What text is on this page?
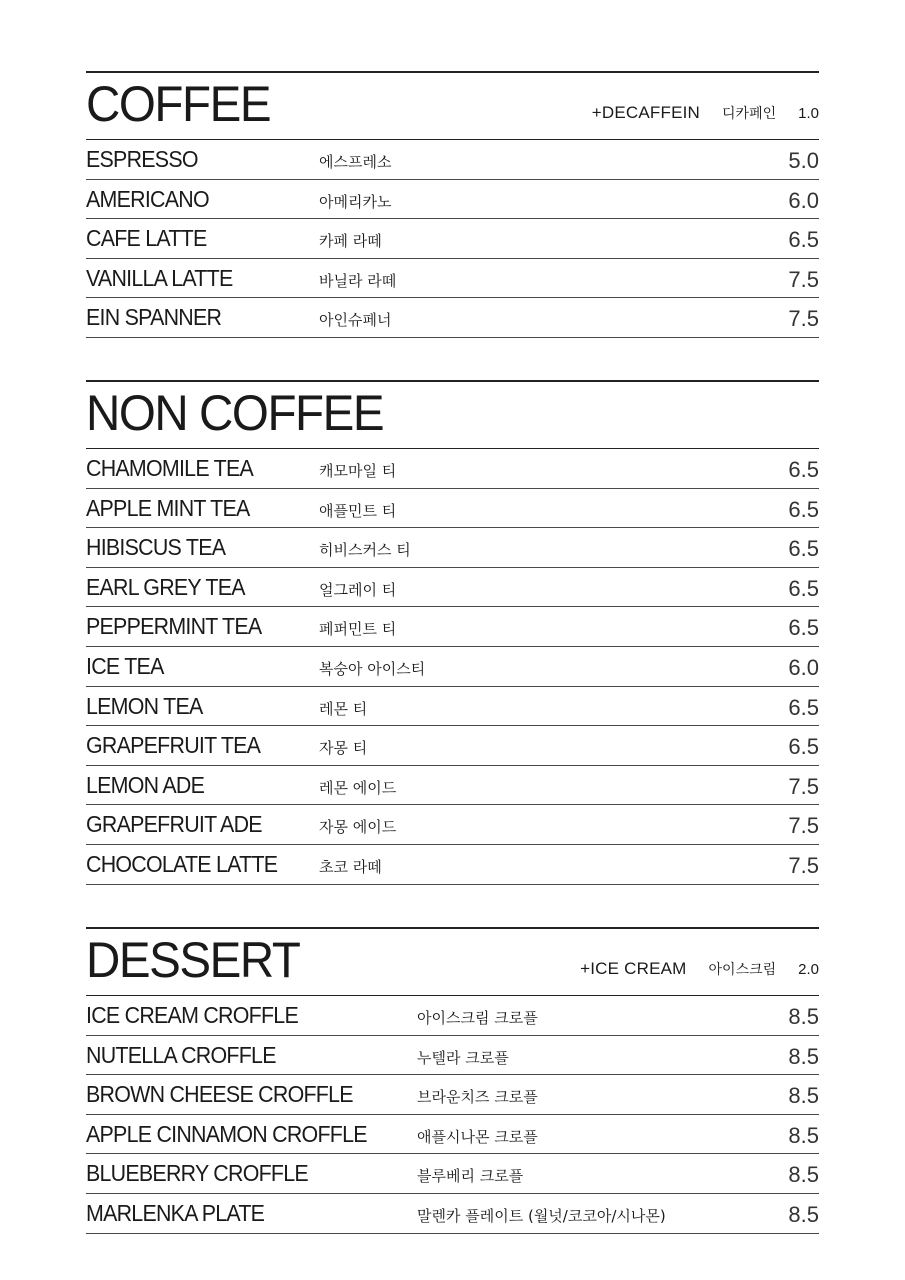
COFFEE	+DECAFFEIN 디카페인 1.0
ESPRESSO	에스프레소	5.0
AMERICANO	아메리카노	6.0
CAFE LATTE	카페 라떼	6.5
VANILLA LATTE	바닐라 라떼	7.5
EIN SPANNER	아인슈페너	7.5
NON COFFEE
CHAMOMILE TEA	캐모마일 티	6.5
APPLE MINT TEA	애플민트 티	6.5
HIBISCUS TEA	히비스커스 티	6.5
EARL GREY TEA	얼그레이 티	6.5
PEPPERMINT TEA	페퍼민트 티	6.5
ICE TEA	복숭아 아이스티	6.0
LEMON TEA	레몬 티	6.5
GRAPEFRUIT TEA	자몽 티	6.5
LEMON ADE	레몬 에이드	7.5
GRAPEFRUIT ADE	자몽 에이드	7.5
CHOCOLATE LATTE	초코 라떼	7.5
DESSERT	+ICE CREAM 아이스크림 2.0
ICE CREAM CROFFLE	아이스크림 크로플	8.5
NUTELLA CROFFLE	누텔라 크로플	8.5
BROWN CHEESE CROFFLE	브라운치즈 크로플	8.5
APPLE CINNAMON CROFFLE	애플시나몬 크로플	8.5
BLUEBERRY CROFFLE	블루베리 크로플	8.5
MARLENKA PLATE	말렌카 플레이트 (월넛/코코아/시나몬)	8.5
